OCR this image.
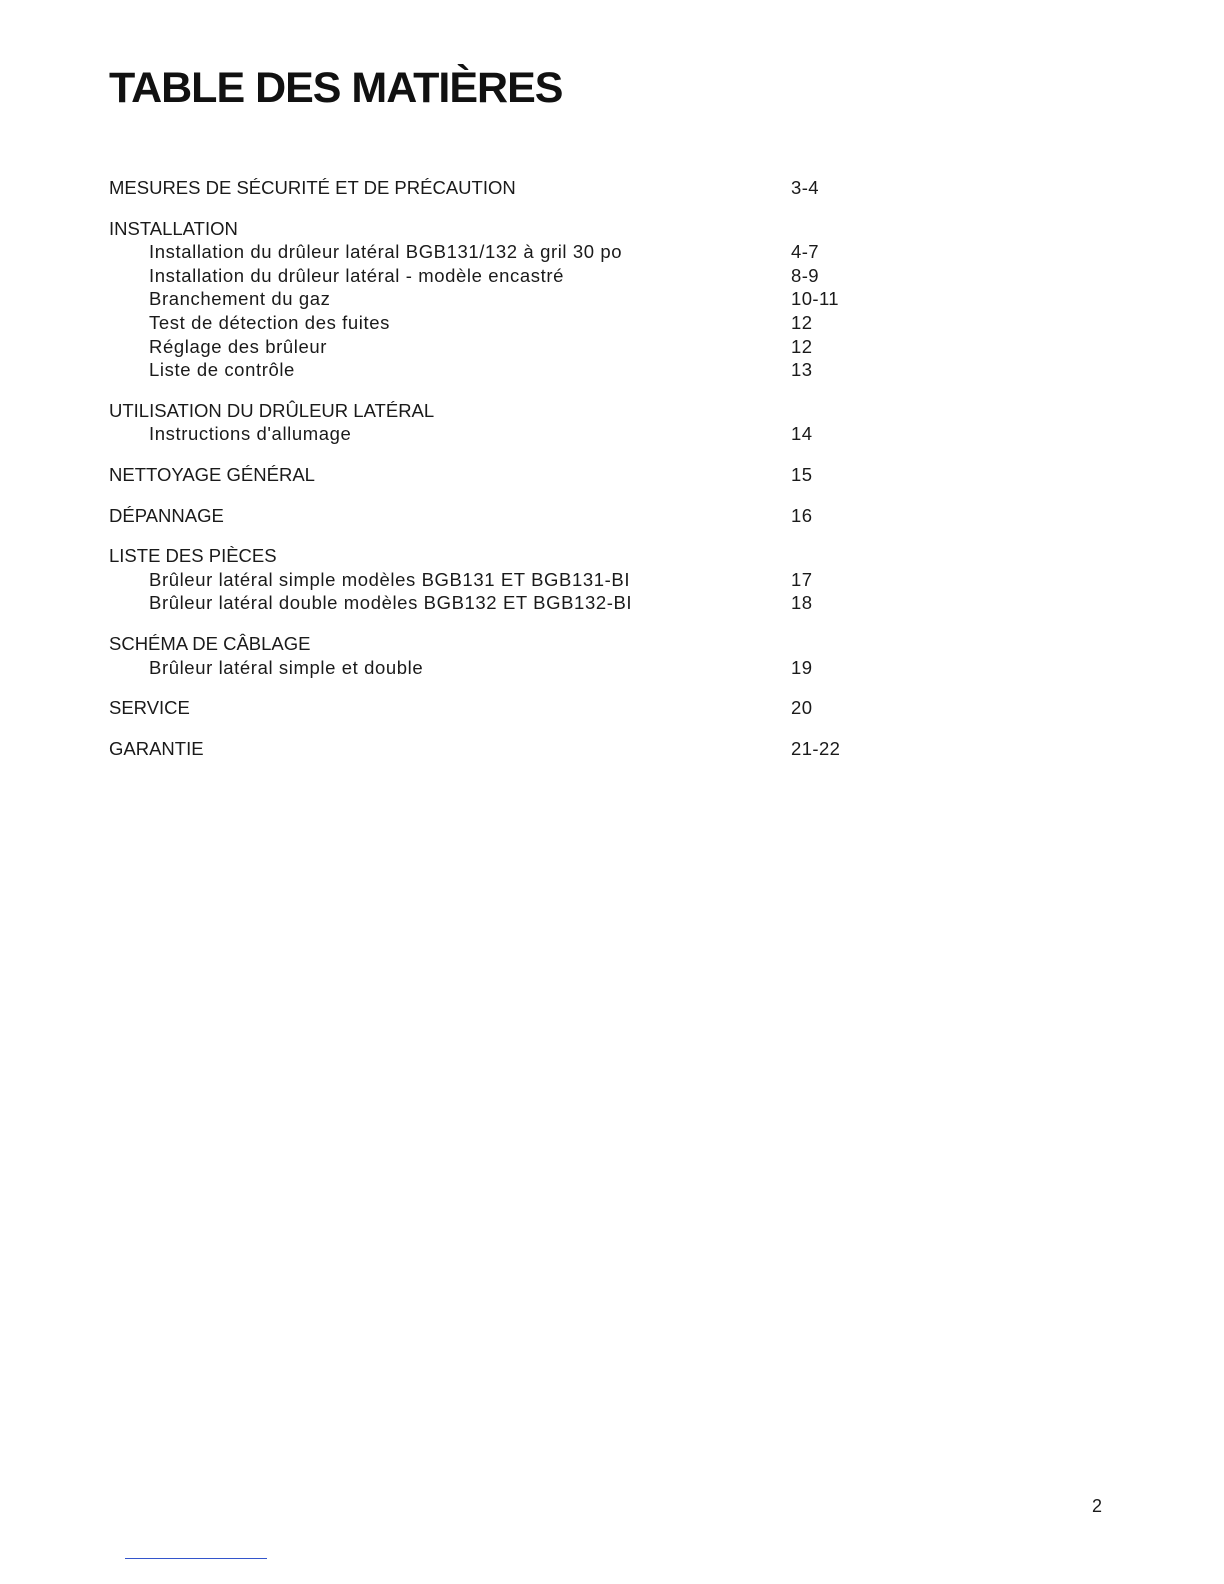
TABLE DES MATIÈRES
MESURES DE SÉCURITÉ ET DE PRÉCAUTION	3-4
INSTALLATION
Installation du drûleur latéral BGB131/132 à gril 30 po	4-7
Installation du drûleur latéral - modèle encastré	8-9
Branchement du gaz	10-11
Test de détection des fuites	12
Réglage des brûleur	12
Liste de contrôle	13
UTILISATION DU DRÛLEUR LATÉRAL
Instructions d'allumage	14
NETTOYAGE GÉNÉRAL	15
DÉPANNAGE	16
LISTE DES PIÈCES
Brûleur latéral simple modèles BGB131 ET BGB131-BI	17
Brûleur latéral double modèles BGB132 ET BGB132-BI	18
SCHÉMA DE CÂBLAGE
Brûleur latéral simple et double	19
SERVICE	20
GARANTIE	21-22
2
